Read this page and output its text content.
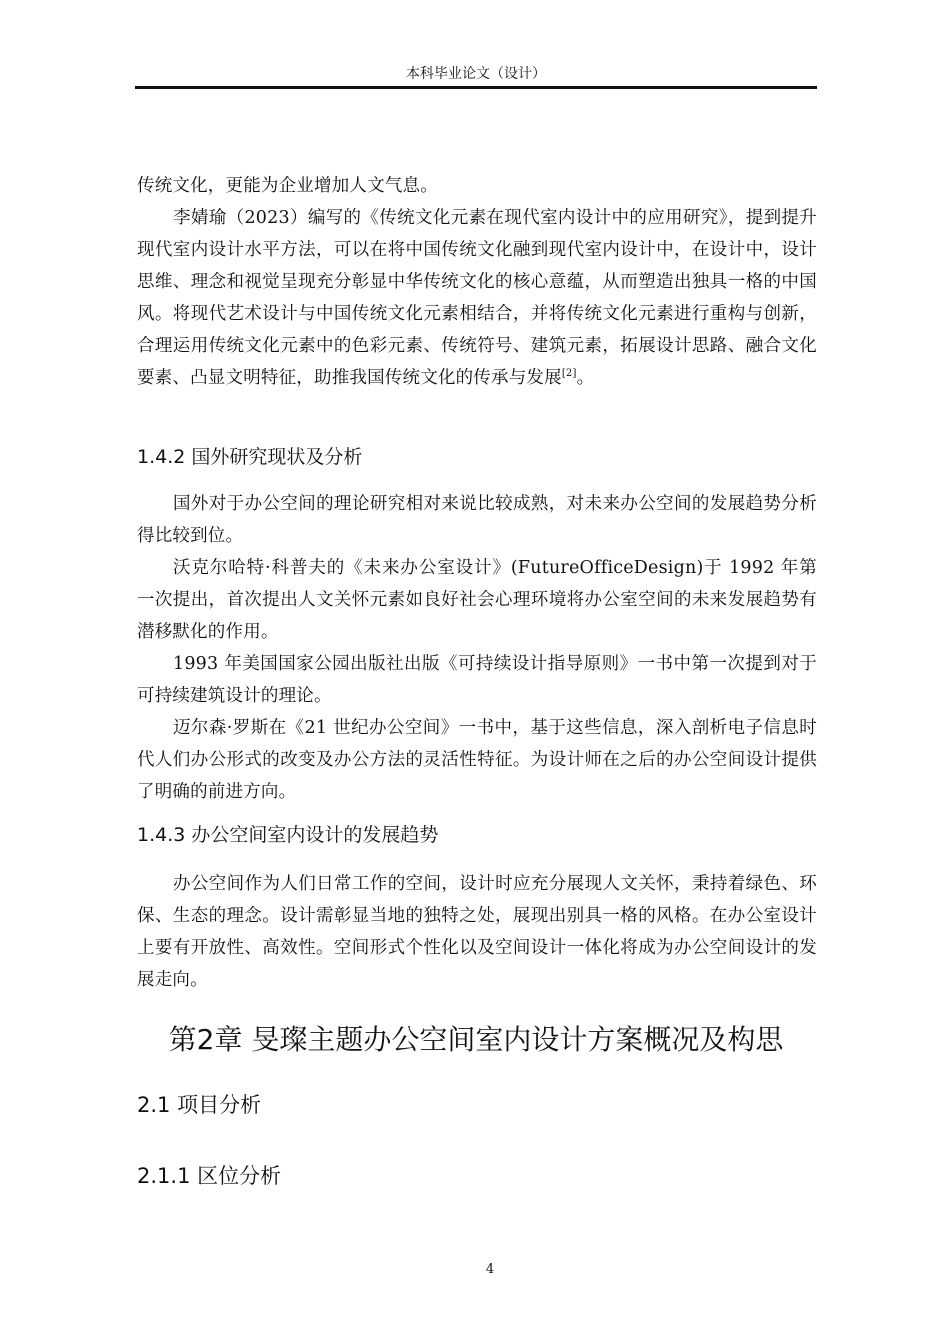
本科毕业论文（设计）
传统文化，更能为企业增加人文气息。
李婧瑜（2023）编写的《传统文化元素在现代室内设计中的应用研究》，提到提升现代室内设计水平方法，可以在将中国传统文化融到现代室内设计中，在设计中，设计思维、理念和视觉呈现充分彰显中华传统文化的核心意蕴，从而塑造出独具一格的中国风。将现代艺术设计与中国传统文化元素相结合，并将传统文化元素进行重构与创新，合理运用传统文化元素中的色彩元素、传统符号、建筑元素，拓展设计思路、融合文化要素、凸显文明特征，助推我国传统文化的传承与发展[2]。
1.4.2 国外研究现状及分析
国外对于办公空间的理论研究相对来说比较成熟，对未来办公空间的发展趋势分析得比较到位。
沃克尔哈特·科普夫的《未来办公室设计》(FutureOfficeDesign)于 1992 年第一次提出，首次提出人文关怀元素如良好社会心理环境将办公室空间的未来发展趋势有潜移默化的作用。
1993 年美国国家公园出版社出版《可持续设计指导原则》一书中第一次提到对于可持续建筑设计的理论。
迈尔森·罗斯在《21 世纪办公空间》一书中，基于这些信息，深入剖析电子信息时代人们办公形式的改变及办公方法的灵活性特征。为设计师在之后的办公空间设计提供了明确的前进方向。
1.4.3 办公空间室内设计的发展趋势
办公空间作为人们日常工作的空间，设计时应充分展现人文关怀，秉持着绿色、环保、生态的理念。设计需彰显当地的独特之处，展现出别具一格的风格。在办公室设计上要有开放性、高效性。空间形式个性化以及空间设计一体化将成为办公空间设计的发展走向。
第2章 旻璨主题办公空间室内设计方案概况及构思
2.1 项目分析
2.1.1 区位分析
4
